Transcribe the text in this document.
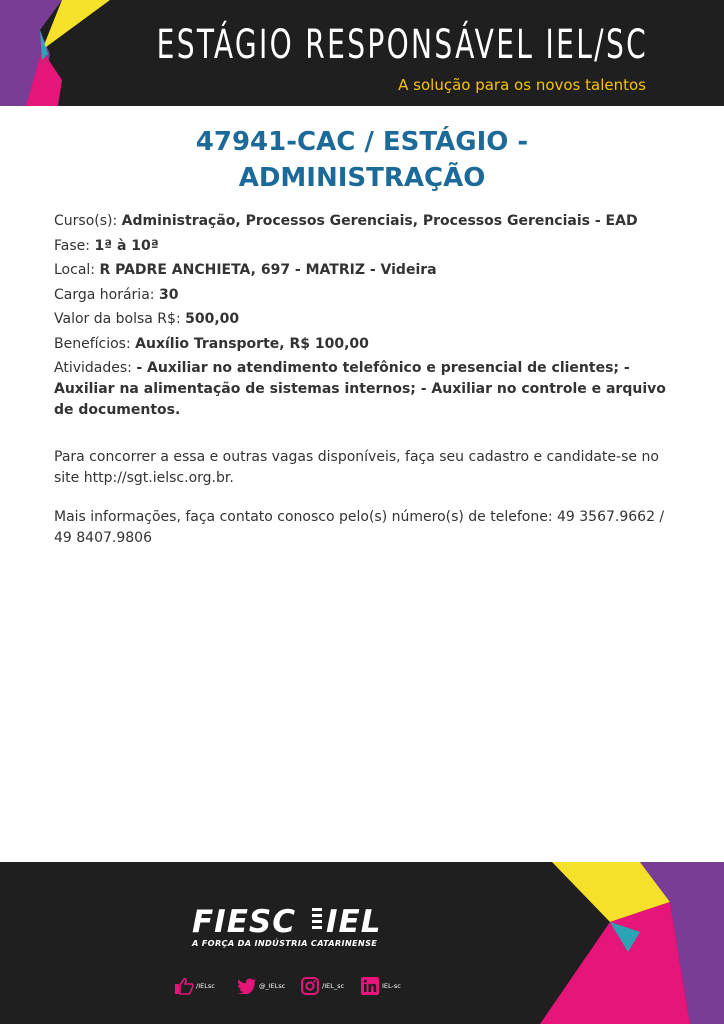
ESTÁGIO RESPONSÁVEL IEL/SC
A solução para os novos talentos
47941-CAC / ESTÁGIO - ADMINISTRAÇÃO
Curso(s): Administração, Processos Gerenciais, Processos Gerenciais - EAD
Fase: 1ª à 10ª
Local: R PADRE ANCHIETA, 697 - MATRIZ - Videira
Carga horária: 30
Valor da bolsa R$: 500,00
Benefícios: Auxílio Transporte, R$ 100,00
Atividades: - Auxiliar no atendimento telefônico e presencial de clientes; - Auxiliar na alimentação de sistemas internos; - Auxiliar no controle e arquivo de documentos.

Para concorrer a essa e outras vagas disponíveis, faça seu cadastro e candidate-se no site http://sgt.ielsc.org.br.

Mais informações, faça contato conosco pelo(s) número(s) de telefone: 49 3567.9662 / 49 8407.9806

FIESC IEL
A FORÇA DA INDÚSTRIA CATARINENSE
/IELsc	@_IELsc	/IEL_sc	IEL-sc
